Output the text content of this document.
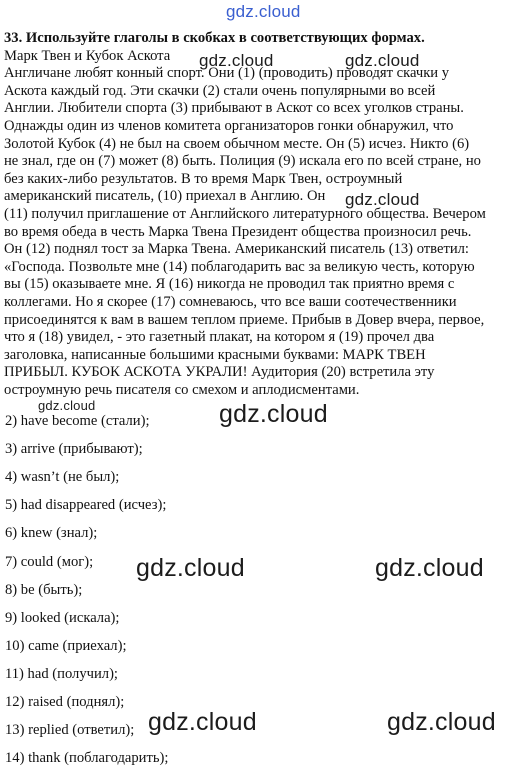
gdz.cloud
33. Используйте глаголы в скобках в соответствующих формах.
Марк Твен и Кубок Аскота
Англичане любят конный спорт. Они (1) (проводить) проводят скачки у
Аскота каждый год. Эти скачки (2) стали очень популярными во всей
Англии. Любители спорта (3) прибывают в Аскот со всех уголков страны.
Однажды один из членов комитета организаторов гонки обнаружил, что
Золотой Кубок (4) не был на своем обычном месте. Он (5) исчез. Никто (6)
не знал, где он (7) может (8) быть. Полиция (9) искала его по всей стране, но
без каких-либо результатов. В то время Марк Твен, остроумный
американский писатель, (10) приехал в Англию. Он
(11) получил приглашение от Английского литературного общества. Вечером
во время обеда в честь Марка Твена Президент общества произносил речь.
Он (12) поднял тост за Марка Твена. Американский писатель (13) ответил:
«Господа. Позвольте мне (14) поблагодарить вас за великую честь, которую
вы (15) оказываете мне. Я (16) никогда не проводил так приятно время с
коллегами. Но я скорее (17) сомневаюсь, что все ваши соотечественники
присоединятся к вам в вашем теплом приеме. Прибыв в Довер вчера, первое,
что я (18) увидел, - это газетный плакат, на котором я (19) прочел два
заголовка, написанные большими красными буквами: МАРК ТВЕН
ПРИБЫЛ. КУБОК АСКОТА УКРАЛИ! Аудитория (20) встретила эту
остроумную речь писателя со смехом и аплодисментами.
2) have become (стали);
3) arrive (прибывают);
4) wasn’t (не был);
5) had disappeared (исчез);
6) knew (знал);
7) could (мог);
8) be (быть);
9) looked (искала);
10) came (приехал);
11) had (получил);
12) raised (поднял);
13) replied (ответил);
14) thank (поблагодарить);
gdz.cloud	gdz.cloud
gdz.cloud
gdz.cloud	gdz.cloud
gdz.cloud	gdz.cloud
gdz.cloud	gdz.cloud
